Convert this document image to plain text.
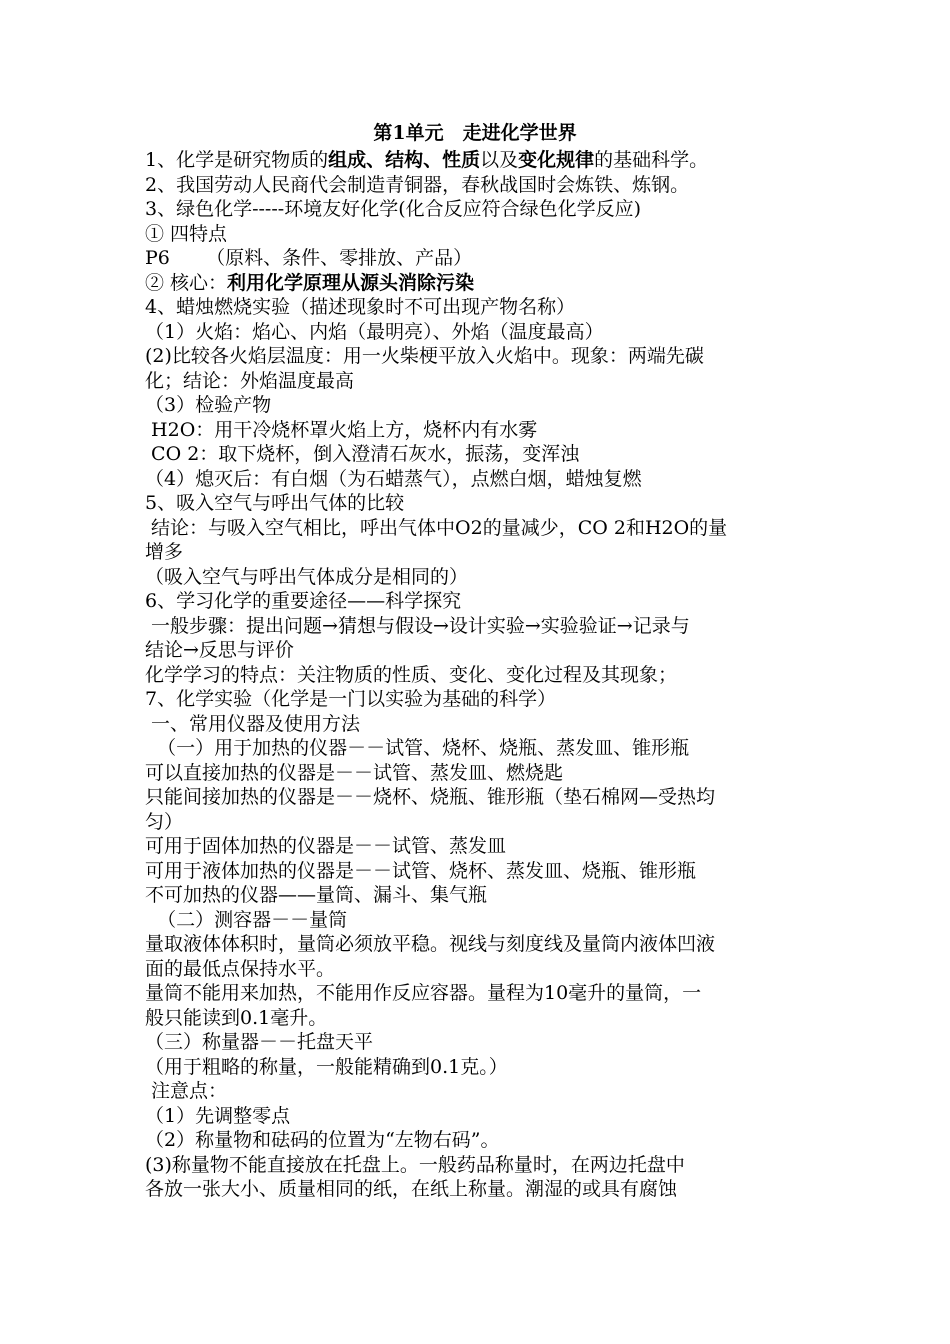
第1单元　走进化学世界
1、化学是研究物质的组成、结构、性质以及变化规律的基础科学。
2、我国劳动人民商代会制造青铜器，春秋战国时会炼铁、炼钢。
3、绿色化学-----环境友好化学(化合反应符合绿色化学反应)
① 四特点
P6      （原料、条件、零排放、产品）
② 核心：利用化学原理从源头消除污染
4、蜡烛燃烧实验（描述现象时不可出现产物名称）
（1）火焰：焰心、内焰（最明亮）、外焰（温度最高）
(2)比较各火焰层温度：用一火柴梗平放入火焰中。现象：两端先碳
化；结论：外焰温度最高
（3）检验产物
H2O：用干冷烧杯罩火焰上方，烧杯内有水雾
CO 2：取下烧杯，倒入澄清石灰水，振荡，变浑浊
（4）熄灭后：有白烟（为石蜡蒸气），点燃白烟，蜡烛复燃
5、吸入空气与呼出气体的比较
结论：与吸入空气相比，呼出气体中O2的量减少，CO 2和H2O的量
增多
（吸入空气与呼出气体成分是相同的）
6、学习化学的重要途径——科学探究
一般步骤：提出问题→猜想与假设→设计实验→实验验证→记录与
结论→反思与评价
化学学习的特点：关注物质的性质、变化、变化过程及其现象；
7、化学实验（化学是一门以实验为基础的科学）
一、常用仪器及使用方法
（一）用于加热的仪器－－试管、烧杯、烧瓶、蒸发皿、锥形瓶
可以直接加热的仪器是－－试管、蒸发皿、燃烧匙
只能间接加热的仪器是－－烧杯、烧瓶、锥形瓶（垫石棉网—受热均
匀）
可用于固体加热的仪器是－－试管、蒸发皿
可用于液体加热的仪器是－－试管、烧杯、蒸发皿、烧瓶、锥形瓶
不可加热的仪器——量筒、漏斗、集气瓶
（二）测容器－－量筒
量取液体体积时，量筒必须放平稳。视线与刻度线及量筒内液体凹液
面的最低点保持水平。
量筒不能用来加热，不能用作反应容器。量程为10毫升的量筒，一
般只能读到0.1毫升。
（三）称量器－－托盘天平
（用于粗略的称量，一般能精确到0.1克。）
注意点：
（1）先调整零点
（2）称量物和砝码的位置为“左物右码”。
(3)称量物不能直接放在托盘上。一般药品称量时，在两边托盘中
各放一张大小、质量相同的纸，在纸上称量。潮湿的或具有腐蚀
